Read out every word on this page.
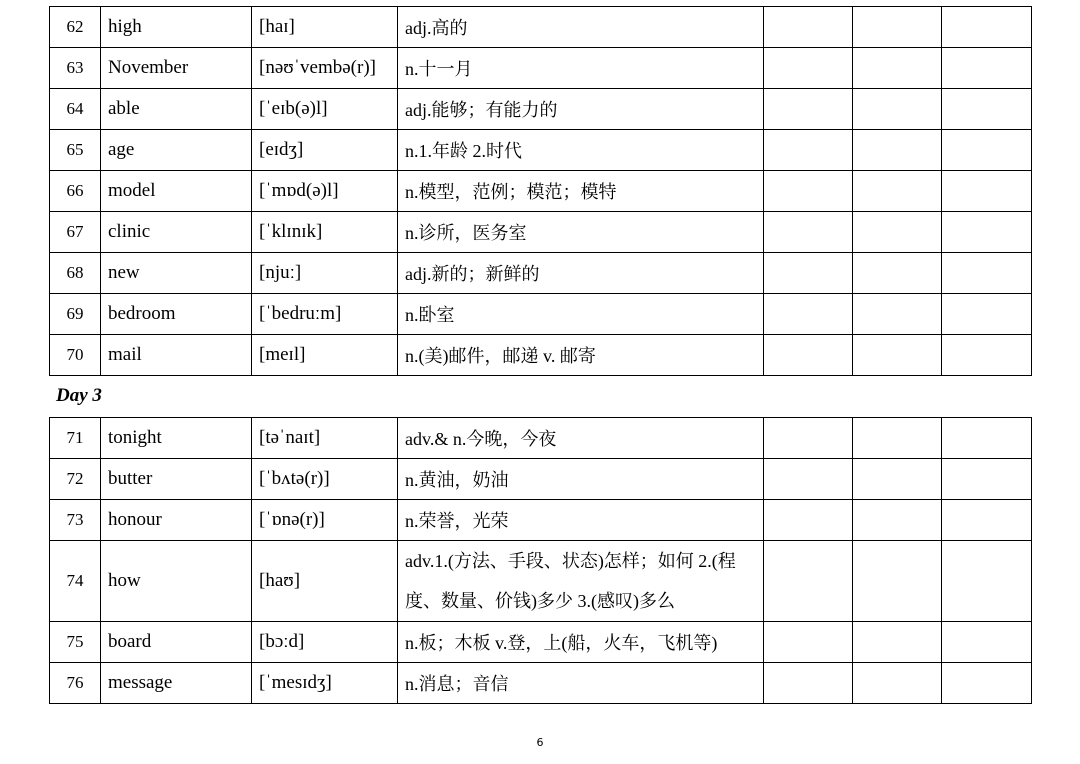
62	high	[haɪ]	adj.高的			
63	November	[nəʊˈvembə(r)]	n.十一月			
64	able	[ˈeɪb(ə)l]	adj.能够；有能力的			
65	age	[eɪdʒ]	n.1.年龄 2.时代			
66	model	[ˈmɒd(ə)l]	n.模型，范例；模范；模特			
67	clinic	[ˈklɪnɪk]	n.诊所，医务室			
68	new	[njuː]	adj.新的；新鲜的			
69	bedroom	[ˈbedruːm]	n.卧室			
70	mail	[meɪl]	n.(美)邮件，邮递 v. 邮寄			
Day 3
71	tonight	[təˈnaɪt]	adv.& n.今晚，今夜			
72	butter	[ˈbʌtə(r)]	n.黄油，奶油			
73	honour	[ˈɒnə(r)]	n.荣誉，光荣			
74	how	[haʊ]	adv.1.(方法、手段、状态)怎样；如何 2.(程度、数量、价钱)多少 3.(感叹)多么			
75	board	[bɔːd]	n.板；木板 v.登，上(船，火车，飞机等)			
76	message	[ˈmesɪdʒ]	n.消息；音信			
6
